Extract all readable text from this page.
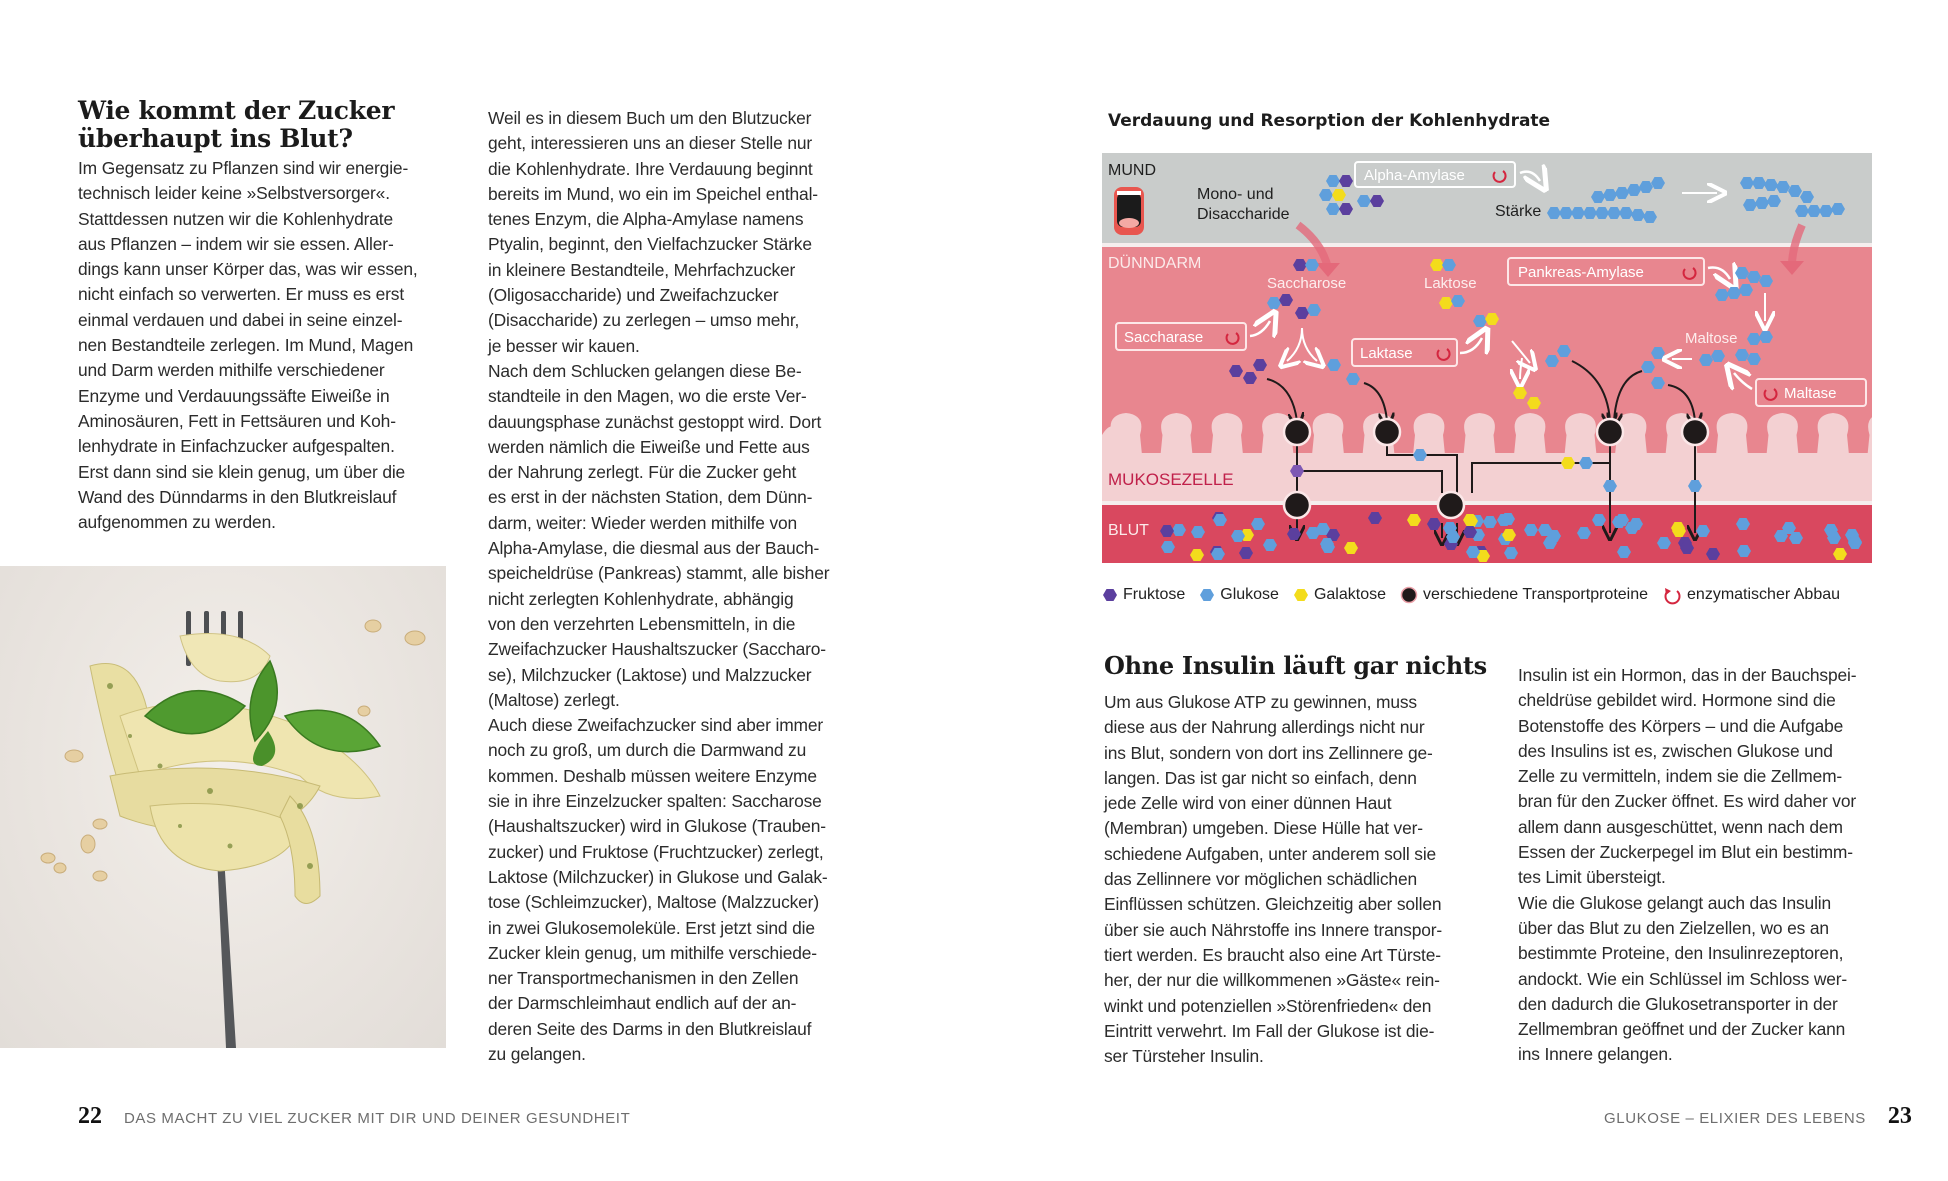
Wie kommt der Zucker
überhaupt ins Blut?
Im Gegensatz zu Pflanzen sind wir energie-
technisch leider keine »Selbstversorger«.
Stattdessen nutzen wir die Kohlenhydrate
aus Pflanzen – indem wir sie essen. Aller-
dings kann unser Körper das, was wir essen,
nicht einfach so verwerten. Er muss es erst
einmal verdauen und dabei in seine einzel-
nen Bestandteile zerlegen. Im Mund, Magen
und Darm werden mithilfe verschiedener
Enzyme und Verdauungssäfte Eiweiße in
Aminosäuren, Fett in Fettsäuren und Koh-
lenhydrate in Einfachzucker aufgespalten.
Erst dann sind sie klein genug, um über die
Wand des Dünndarms in den Blutkreislauf
aufgenommen zu werden.
Weil es in diesem Buch um den Blutzucker
geht, interessieren uns an dieser Stelle nur
die Kohlenhydrate. Ihre Verdauung beginnt
bereits im Mund, wo ein im Speichel enthal-
tenes Enzym, die Alpha-Amylase namens
Ptyalin, beginnt, den Vielfachzucker Stärke
in kleinere Bestandteile, Mehrfachzucker
(Oligosaccharide) und Zweifachzucker
(Disaccharide) zu zerlegen – umso mehr,
je besser wir kauen.
Nach dem Schlucken gelangen diese Be-
standteile in den Magen, wo die erste Ver-
dauungsphase zunächst gestoppt wird. Dort
werden nämlich die Eiweiße und Fette aus
der Nahrung zerlegt. Für die Zucker geht
es erst in der nächsten Station, dem Dünn-
darm, weiter: Wieder werden mithilfe von
Alpha-Amylase, die diesmal aus der Bauch-
speicheldrüse (Pankreas) stammt, alle bisher
nicht zerlegten Kohlenhydrate, abhängig
von den verzehrten Lebensmitteln, in die
Zweifachzucker Haushaltszucker (Saccharo-
se), Milchzucker (Laktose) und Malzzucker
(Maltose) zerlegt.
Auch diese Zweifachzucker sind aber immer
noch zu groß, um durch die Darmwand zu
kommen. Deshalb müssen weitere Enzyme
sie in ihre Einzelzucker spalten: Saccharose
(Haushaltszucker) wird in Glukose (Trauben-
zucker) und Fruktose (Fruchtzucker) zerlegt,
Laktose (Milchzucker) in Glukose und Galak-
tose (Schleimzucker), Maltose (Malzzucker)
in zwei Glukosemoleküle. Erst jetzt sind die
Zucker klein genug, um mithilfe verschiede-
ner Transportmechanismen in den Zellen
der Darmschleimhaut endlich auf der an-
deren Seite des Darms in den Blutkreislauf
zu gelangen.
22 DAS MACHT ZU VIEL ZUCKER MIT DIR UND DEINER GESUNDHEIT
Verdauung und Resorption der Kohlenhydrate
MUND
DÜNNDARM
MUKOSEZELLE
BLUT
Mono- und
Disaccharide
Alpha-Amylase
Stärke
Saccharose
Saccharase
Laktose
Laktase
Pankreas-Amylase
Maltose
Maltase
Fruktose Glukose Galaktose verschiedene Transportproteine enzymatischer Abbau
Ohne Insulin läuft gar nichts
Um aus Glukose ATP zu gewinnen, muss
diese aus der Nahrung allerdings nicht nur
ins Blut, sondern von dort ins Zellinnere ge-
langen. Das ist gar nicht so einfach, denn
jede Zelle wird von einer dünnen Haut
(Membran) umgeben. Diese Hülle hat ver-
schiedene Aufgaben, unter anderem soll sie
das Zellinnere vor möglichen schädlichen
Einflüssen schützen. Gleichzeitig aber sollen
über sie auch Nährstoffe ins Innere transpor-
tiert werden. Es braucht also eine Art Türste-
her, der nur die willkommenen »Gäste« rein-
winkt und potenziellen »Störenfrieden« den
Eintritt verwehrt. Im Fall der Glukose ist die-
ser Türsteher Insulin.
Insulin ist ein Hormon, das in der Bauchspei-
cheldrüse gebildet wird. Hormone sind die
Botenstoffe des Körpers – und die Aufgabe
des Insulins ist es, zwischen Glukose und
Zelle zu vermitteln, indem sie die Zellmem-
bran für den Zucker öffnet. Es wird daher vor
allem dann ausgeschüttet, wenn nach dem
Essen der Zuckerpegel im Blut ein bestimm-
tes Limit übersteigt.
Wie die Glukose gelangt auch das Insulin
über das Blut zu den Zielzellen, wo es an
bestimmte Proteine, den Insulinrezeptoren,
andockt. Wie ein Schlüssel im Schloss wer-
den dadurch die Glukosetransporter in der
Zellmembran geöffnet und der Zucker kann
ins Innere gelangen.
GLUKOSE – ELIXIER DES LEBENS 23
